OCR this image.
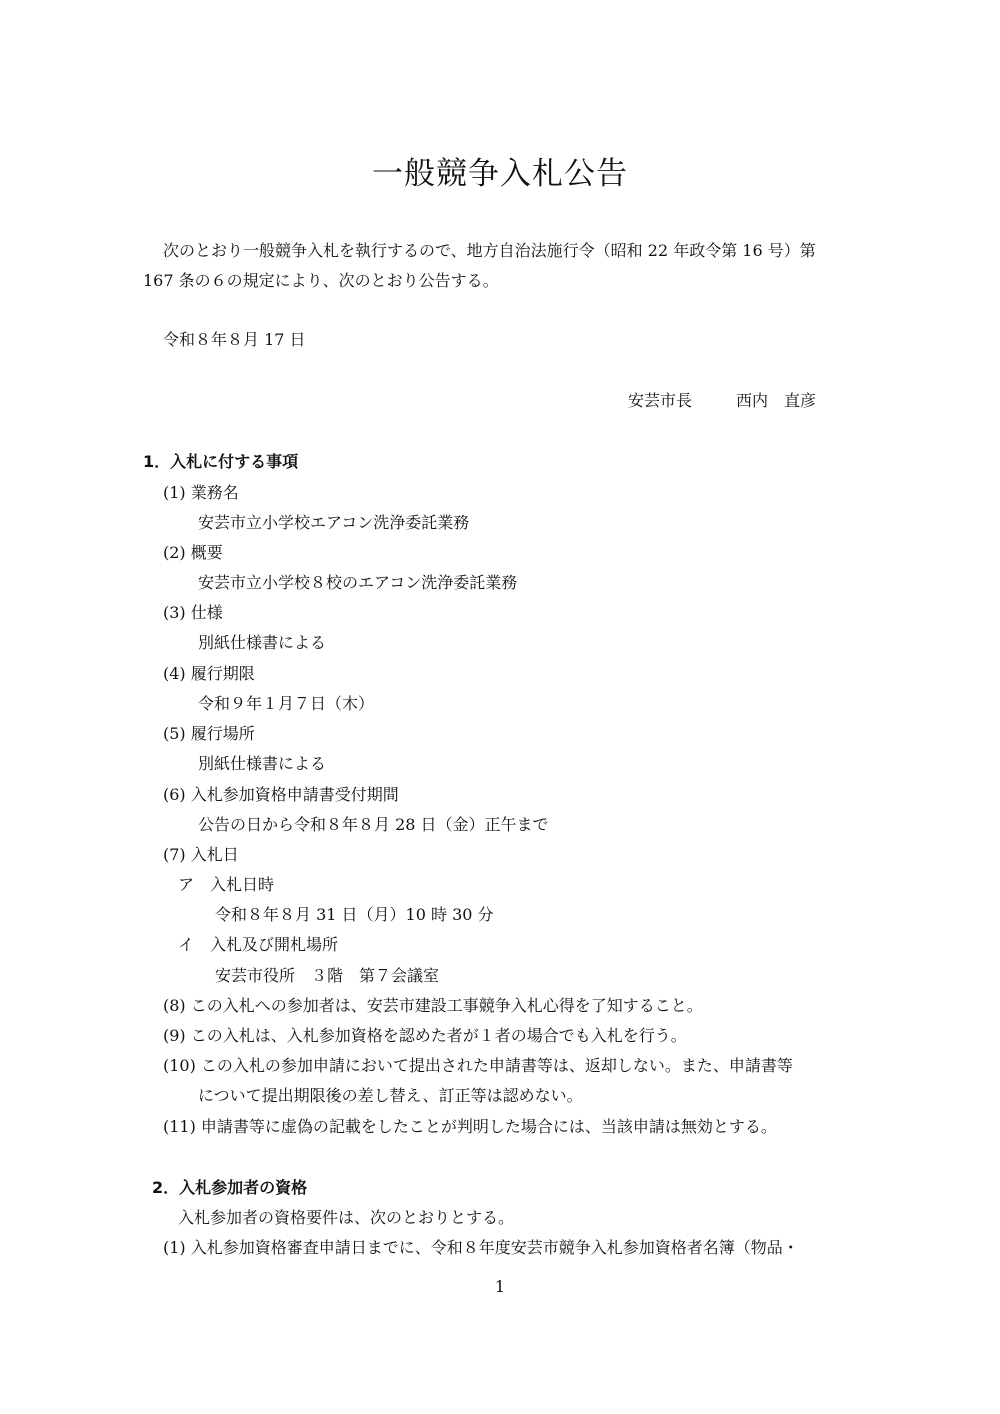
一般競争入札公告
次のとおり一般競争入札を執行するので、地方自治法施行令（昭和 22 年政令第 16 号）第
167 条の６の規定により、次のとおり公告する。
令和８年８月 17 日
安芸市長	西内　直彦
1．入札に付する事項
(1) 業務名
安芸市立小学校エアコン洗浄委託業務
(2) 概要
安芸市立小学校８校のエアコン洗浄委託業務
(3) 仕様
別紙仕様書による
(4) 履行期限
令和９年１月７日（木）
(5) 履行場所
別紙仕様書による
(6) 入札参加資格申請書受付期間
公告の日から令和８年８月 28 日（金）正午まで
(7) 入札日
ア　入札日時
令和８年８月 31 日（月）10 時 30 分
イ　入札及び開札場所
安芸市役所　３階　第７会議室
(8) この入札への参加者は、安芸市建設工事競争入札心得を了知すること。
(9) この入札は、入札参加資格を認めた者が１者の場合でも入札を行う。
(10) この入札の参加申請において提出された申請書等は、返却しない。また、申請書等
について提出期限後の差し替え、訂正等は認めない。
(11) 申請書等に虚偽の記載をしたことが判明した場合には、当該申請は無効とする。
2．入札参加者の資格
入札参加者の資格要件は、次のとおりとする。
(1) 入札参加資格審査申請日までに、令和８年度安芸市競争入札参加資格者名簿（物品・
1
